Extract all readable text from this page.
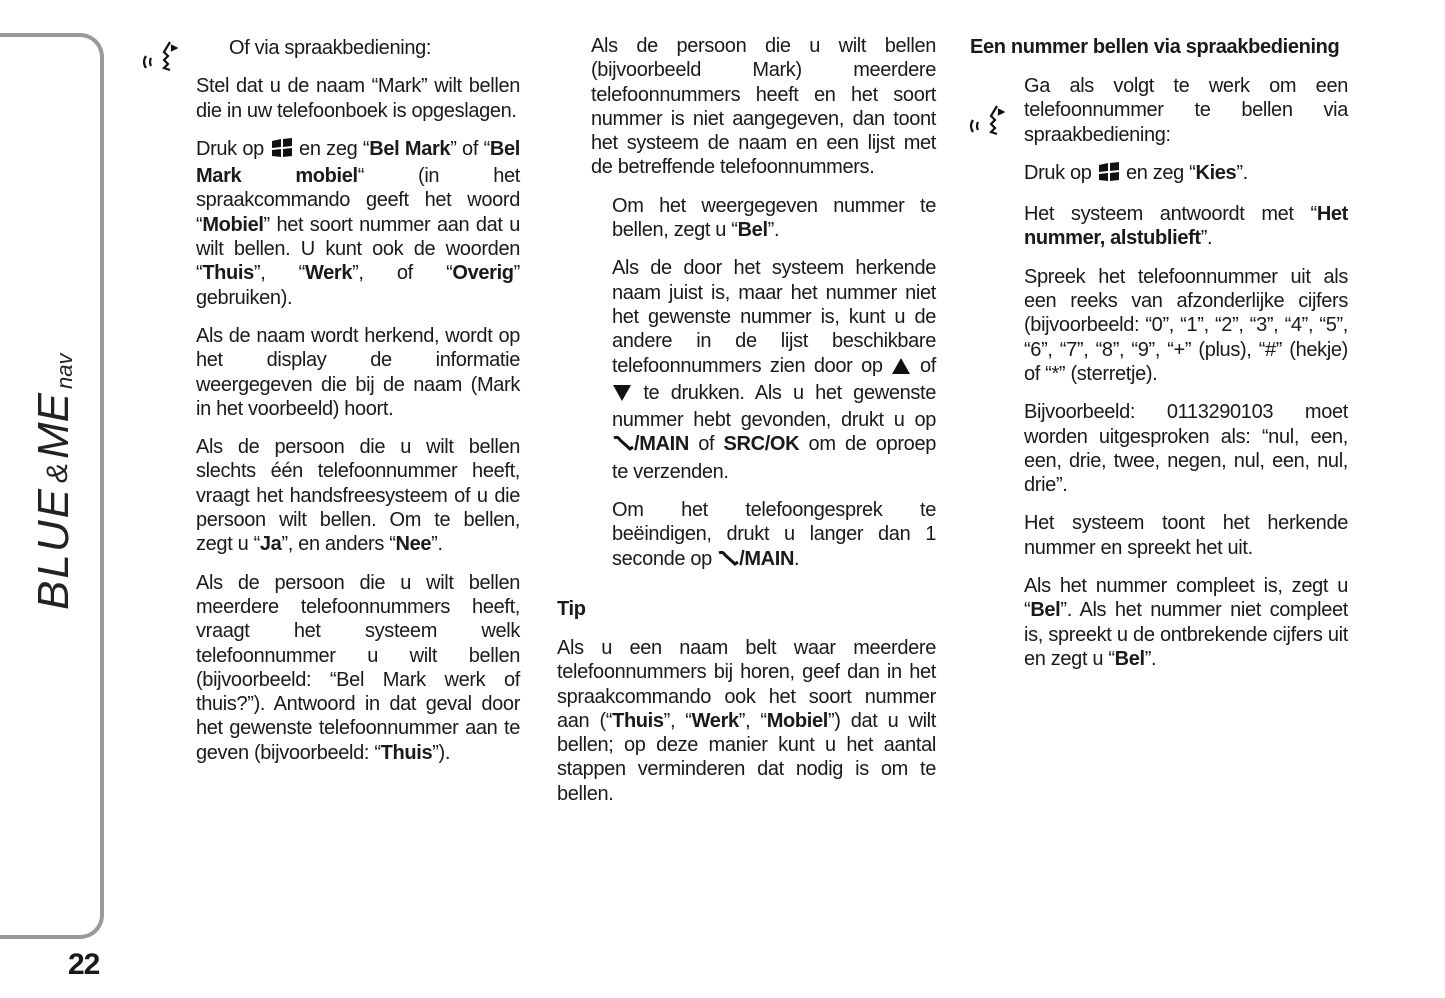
BLUE
&
ME
nav
22

Of via spraakbediening:

Stel dat u de naam “Mark” wilt bellen die in uw telefoonboek is opgeslagen.

Druk op  en zeg “Bel Mark” of “Bel Mark mobiel“ (in het spraakcommando geeft het woord “Mobiel” het soort nummer aan dat u wilt bellen. U kunt ook de woorden “Thuis”, “Werk”, of “Overig” gebruiken).

Als de naam wordt herkend, wordt op het display de informatie weergegeven die bij de naam (Mark in het voorbeeld) hoort.

Als de persoon die u wilt bellen slechts één telefoonnummer heeft, vraagt het handsfreesysteem of u die persoon wilt bellen. Om te bellen, zegt u “Ja”, en anders “Nee”.

Als de persoon die u wilt bellen meerdere telefoonnummers heeft, vraagt het systeem welk telefoonnummer u wilt bellen (bijvoorbeeld: “Bel Mark werk of thuis?”). Antwoord in dat geval door het gewenste telefoonnummer aan te geven (bijvoorbeeld: “Thuis”).

Als de persoon die u wilt bellen (bijvoorbeeld Mark) meerdere telefoonnummers heeft en het soort nummer is niet aangegeven, dan toont het systeem de naam en een lijst met de betreffende telefoonnummers.

Om het weergegeven nummer te bellen, zegt u “Bel”.

Als de door het systeem herkende naam juist is, maar het nummer niet het gewenste nummer is, kunt u de andere in de lijst beschikbare telefoonnummers zien door op  of  te drukken. Als u het gewenste nummer hebt gevonden, drukt u op /MAIN of SRC/OK om de oproep te verzenden.

Om het telefoongesprek te beëindigen, drukt u langer dan 1 seconde op /MAIN.

Tip

Als u een naam belt waar meerdere telefoonnummers bij horen, geef dan in het spraakcommando ook het soort nummer aan (“Thuis”, “Werk”, “Mobiel”) dat u wilt bellen; op deze manier kunt u het aantal stappen verminderen dat nodig is om te bellen.

Een nummer bellen via spraakbediening

Ga als volgt te werk om een telefoonnummer te bellen via spraakbediening:

Druk op  en zeg “Kies”.

Het systeem antwoordt met “Het nummer, alstublieft”.

Spreek het telefoonnummer uit als een reeks van afzonderlijke cijfers (bijvoorbeeld: “0”, “1”, “2”, “3”, “4”, “5”, “6”, “7”, “8”, “9”, “+” (plus), “#” (hekje) of “*” (sterretje).

Bijvoorbeeld: 0113290103 moet worden uitgesproken als: “nul, een, een, drie, twee, negen, nul, een, nul, drie”.

Het systeem toont het herkende nummer en spreekt het uit.

Als het nummer compleet is, zegt u “Bel”. Als het nummer niet compleet is, spreekt u de ontbrekende cijfers uit en zegt u “Bel”.
